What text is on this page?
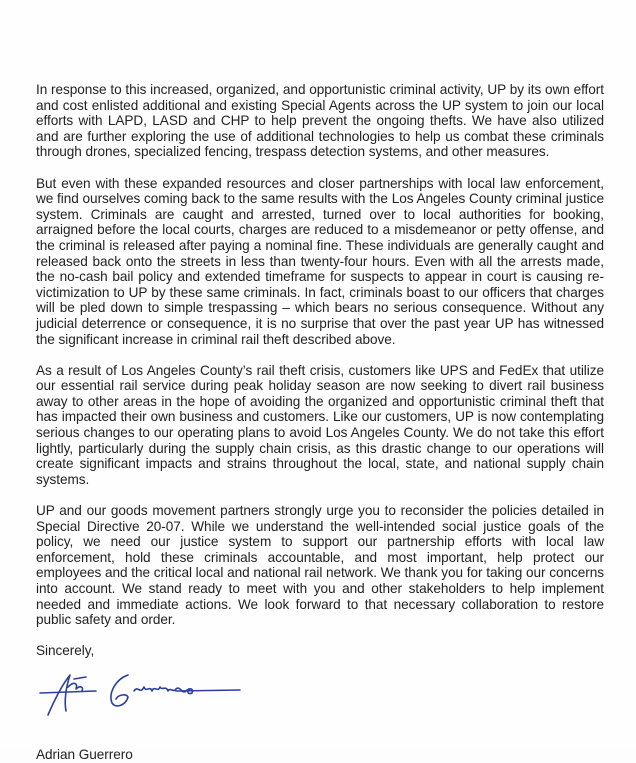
In response to this increased, organized, and opportunistic criminal activity, UP by its own effort and cost enlisted additional and existing Special Agents across the UP system to join our local efforts with LAPD, LASD and CHP to help prevent the ongoing thefts. We have also utilized and are further exploring the use of additional technologies to help us combat these criminals through drones, specialized fencing, trespass detection systems, and other measures.

But even with these expanded resources and closer partnerships with local law enforcement, we find ourselves coming back to the same results with the Los Angeles County criminal justice system. Criminals are caught and arrested, turned over to local authorities for booking, arraigned before the local courts, charges are reduced to a misdemeanor or petty offense, and the criminal is released after paying a nominal fine. These individuals are generally caught and released back onto the streets in less than twenty-four hours. Even with all the arrests made, the no-cash bail policy and extended timeframe for suspects to appear in court is causing re-victimization to UP by these same criminals. In fact, criminals boast to our officers that charges will be pled down to simple trespassing – which bears no serious consequence. Without any judicial deterrence or consequence, it is no surprise that over the past year UP has witnessed the significant increase in criminal rail theft described above.

As a result of Los Angeles County’s rail theft crisis, customers like UPS and FedEx that utilize our essential rail service during peak holiday season are now seeking to divert rail business away to other areas in the hope of avoiding the organized and opportunistic criminal theft that has impacted their own business and customers. Like our customers, UP is now contemplating serious changes to our operating plans to avoid Los Angeles County. We do not take this effort lightly, particularly during the supply chain crisis, as this drastic change to our operations will create significant impacts and strains throughout the local, state, and national supply chain systems.

UP and our goods movement partners strongly urge you to reconsider the policies detailed in Special Directive 20-07. While we understand the well-intended social justice goals of the policy, we need our justice system to support our partnership efforts with local law enforcement, hold these criminals accountable, and most important, help protect our employees and the critical local and national rail network. We thank you for taking our concerns into account. We stand ready to meet with you and other stakeholders to help implement needed and immediate actions. We look forward to that necessary collaboration to restore public safety and order.

Sincerely,

Adrian Guerrero
